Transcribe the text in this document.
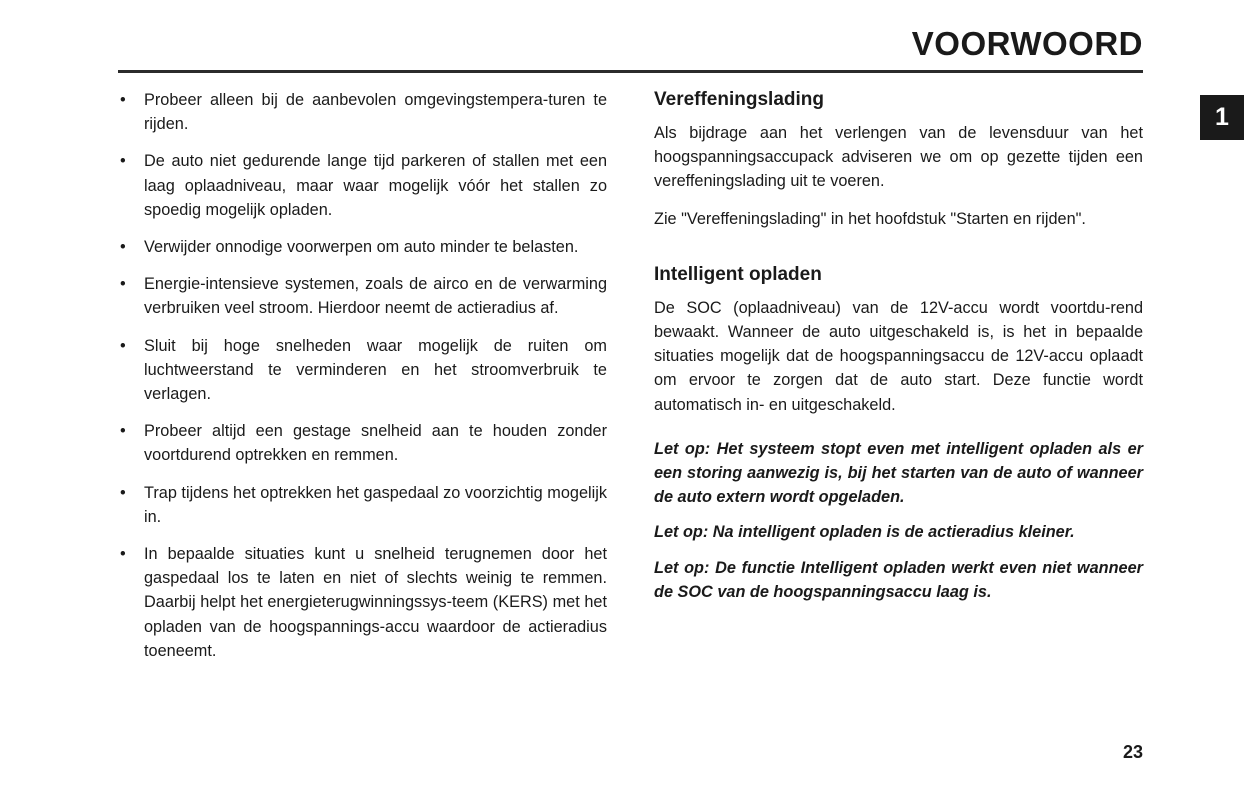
VOORWOORD
1
• Probeer alleen bij de aanbevolen omgevingstempera-turen te rijden.
• De auto niet gedurende lange tijd parkeren of stallen met een laag oplaadniveau, maar waar mogelijk vóór het stallen zo spoedig mogelijk opladen.
• Verwijder onnodige voorwerpen om auto minder te belasten.
• Energie-intensieve systemen, zoals de airco en de verwarming verbruiken veel stroom. Hierdoor neemt de actieradius af.
• Sluit bij hoge snelheden waar mogelijk de ruiten om luchtweerstand te verminderen en het stroomverbruik te verlagen.
• Probeer altijd een gestage snelheid aan te houden zonder voortdurend optrekken en remmen.
• Trap tijdens het optrekken het gaspedaal zo voorzichtig mogelijk in.
• In bepaalde situaties kunt u snelheid terugnemen door het gaspedaal los te laten en niet of slechts weinig te remmen. Daarbij helpt het energieterugwinningssys-teem (KERS) met het opladen van de hoogspannings-accu waardoor de actieradius toeneemt.
Vereffeningslading

Als bijdrage aan het verlengen van de levensduur van het hoogspanningsaccupack adviseren we om op gezette tijden een vereffeningslading uit te voeren.

Zie "Vereffeningslading" in het hoofdstuk "Starten en rijden".

Intelligent opladen

De SOC (oplaadniveau) van de 12V-accu wordt voortdu-rend bewaakt. Wanneer de auto uitgeschakeld is, is het in bepaalde situaties mogelijk dat de hoogspanningsaccu de 12V-accu oplaadt om ervoor te zorgen dat de auto start. Deze functie wordt automatisch in- en uitgeschakeld.

Let op: Het systeem stopt even met intelligent opladen als er een storing aanwezig is, bij het starten van de auto of wanneer de auto extern wordt opgeladen.

Let op: Na intelligent opladen is de actieradius kleiner.

Let op: De functie Intelligent opladen werkt even niet wanneer de SOC van de hoogspanningsaccu laag is.

23
